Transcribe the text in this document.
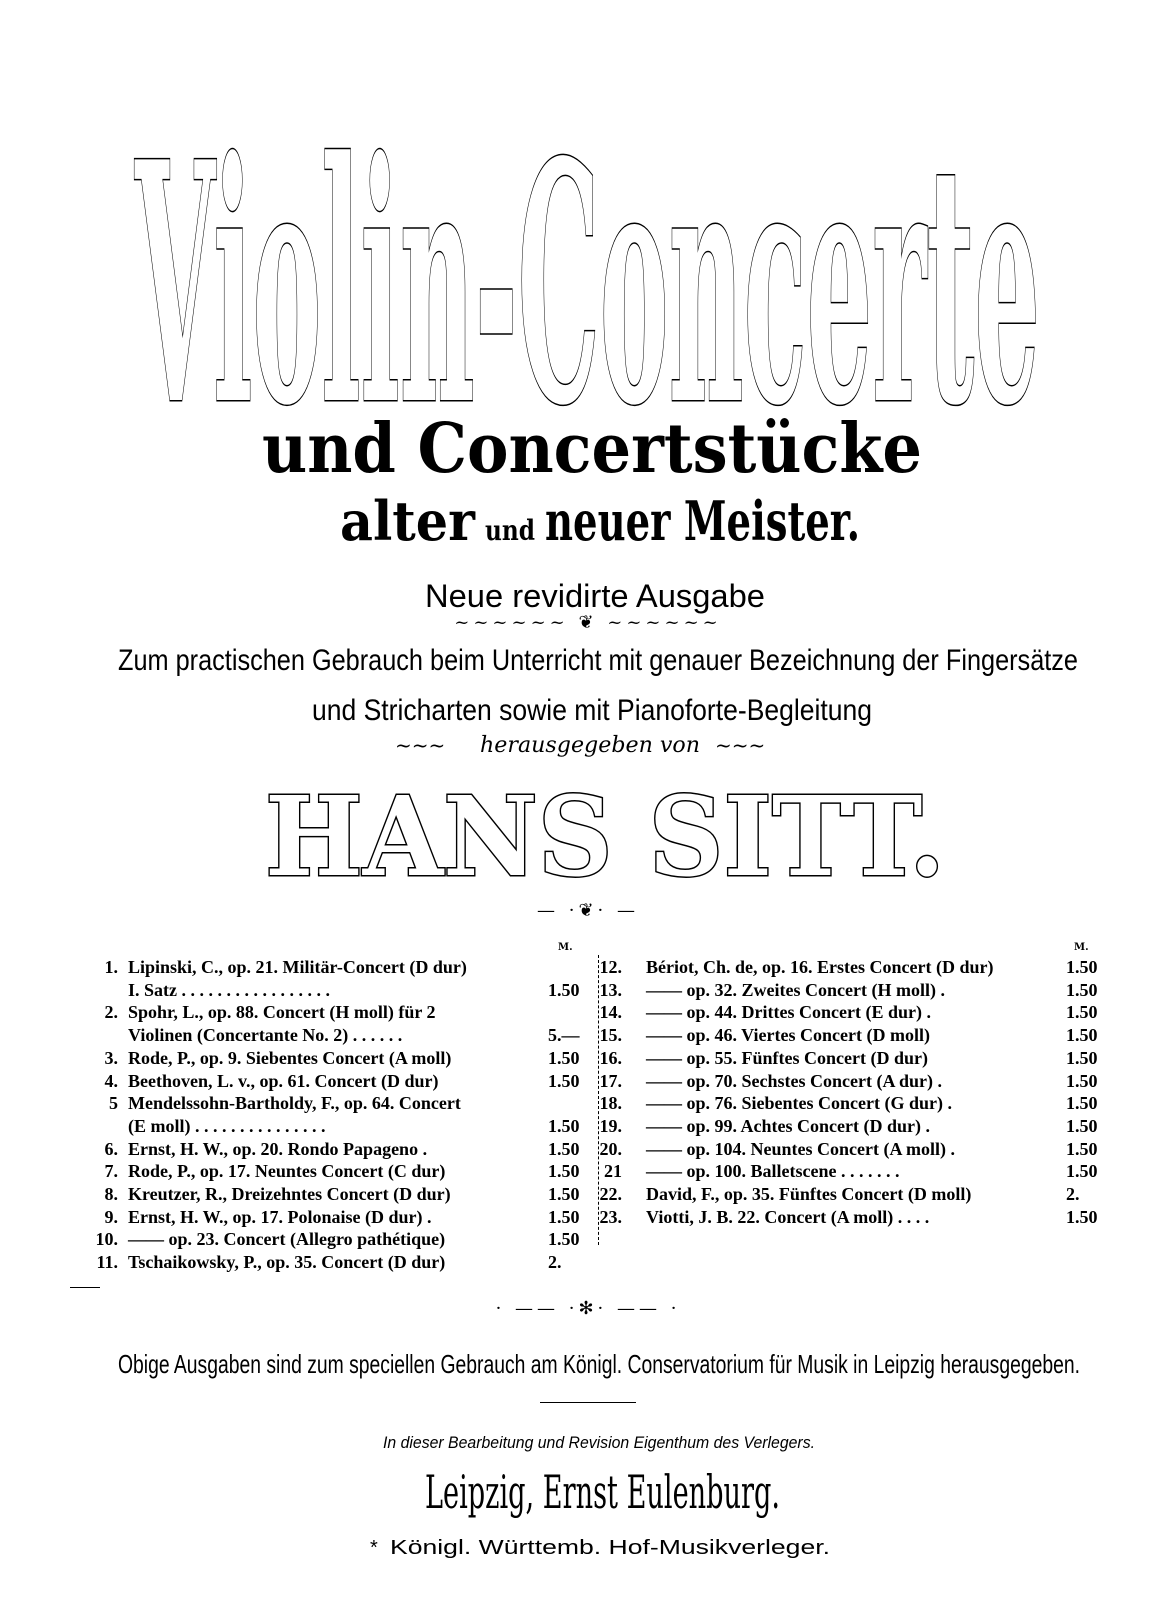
Violin-Concerte
und Concertstücke
alter und neuer Meister.
Neue revidirte Ausgabe
~~~~~~ ❦ ~~~~~~
Zum practischen Gebrauch beim Unterricht mit genauer Bezeichnung der Fingersätze
und Stricharten sowie mit Pianoforte-Begleitung
~~~ herausgegeben von ~~~
HANS SITT.
— ·❦· —
M.	M.
1. Lipinski, C., op. 21. Militär-Concert (D dur)
I. Satz . . . . . . . . . . . . . . . . .	1.50
2. Spohr, L., op. 88. Concert (H moll) für 2
Violinen (Concertante No. 2) . . . . . .	5.—
3. Rode, P., op. 9. Siebentes Concert (A moll)	1.50
4. Beethoven, L. v., op. 61. Concert (D dur)	1.50
5 Mendelssohn-Bartholdy, F., op. 64. Concert
(E moll) . . . . . . . . . . . . . . .	1.50
6. Ernst, H. W., op. 20. Rondo Papageno .	1.50
7. Rode, P., op. 17. Neuntes Concert (C dur)	1.50
8. Kreutzer, R., Dreizehntes Concert (D dur)	1.50
9. Ernst, H. W., op. 17. Polonaise (D dur) .	1.50
10. —— op. 23. Concert (Allegro pathétique)	1.50
11. Tschaikowsky, P., op. 35. Concert (D dur)	2.
12. Bériot, Ch. de, op. 16. Erstes Concert (D dur)	1.50
13. —— op. 32. Zweites Concert (H moll) .	1.50
14. —— op. 44. Drittes Concert (E dur) .	1.50
15. —— op. 46. Viertes Concert (D moll)	1.50
16. —— op. 55. Fünftes Concert (D dur)	1.50
17. —— op. 70. Sechstes Concert (A dur) .	1.50
18. —— op. 76. Siebentes Concert (G dur) .	1.50
19. —— op. 99. Achtes Concert (D dur) .	1.50
20. —— op. 104. Neuntes Concert (A moll) .	1.50
21 —— op. 100. Balletscene . . . . . . .	1.50
22. David, F., op. 35. Fünftes Concert (D moll)	2.
23. Viotti, J. B. 22. Concert (A moll) . . . .	1.50
· —— ·✻· —— ·
Obige Ausgaben sind zum speciellen Gebrauch am Königl. Conservatorium für Musik in Leipzig herausgegeben.
In dieser Bearbeitung und Revision Eigenthum des Verlegers.
Leipzig, Ernst Eulenburg.
* Königl. Württemb. Hof-Musikverleger.
